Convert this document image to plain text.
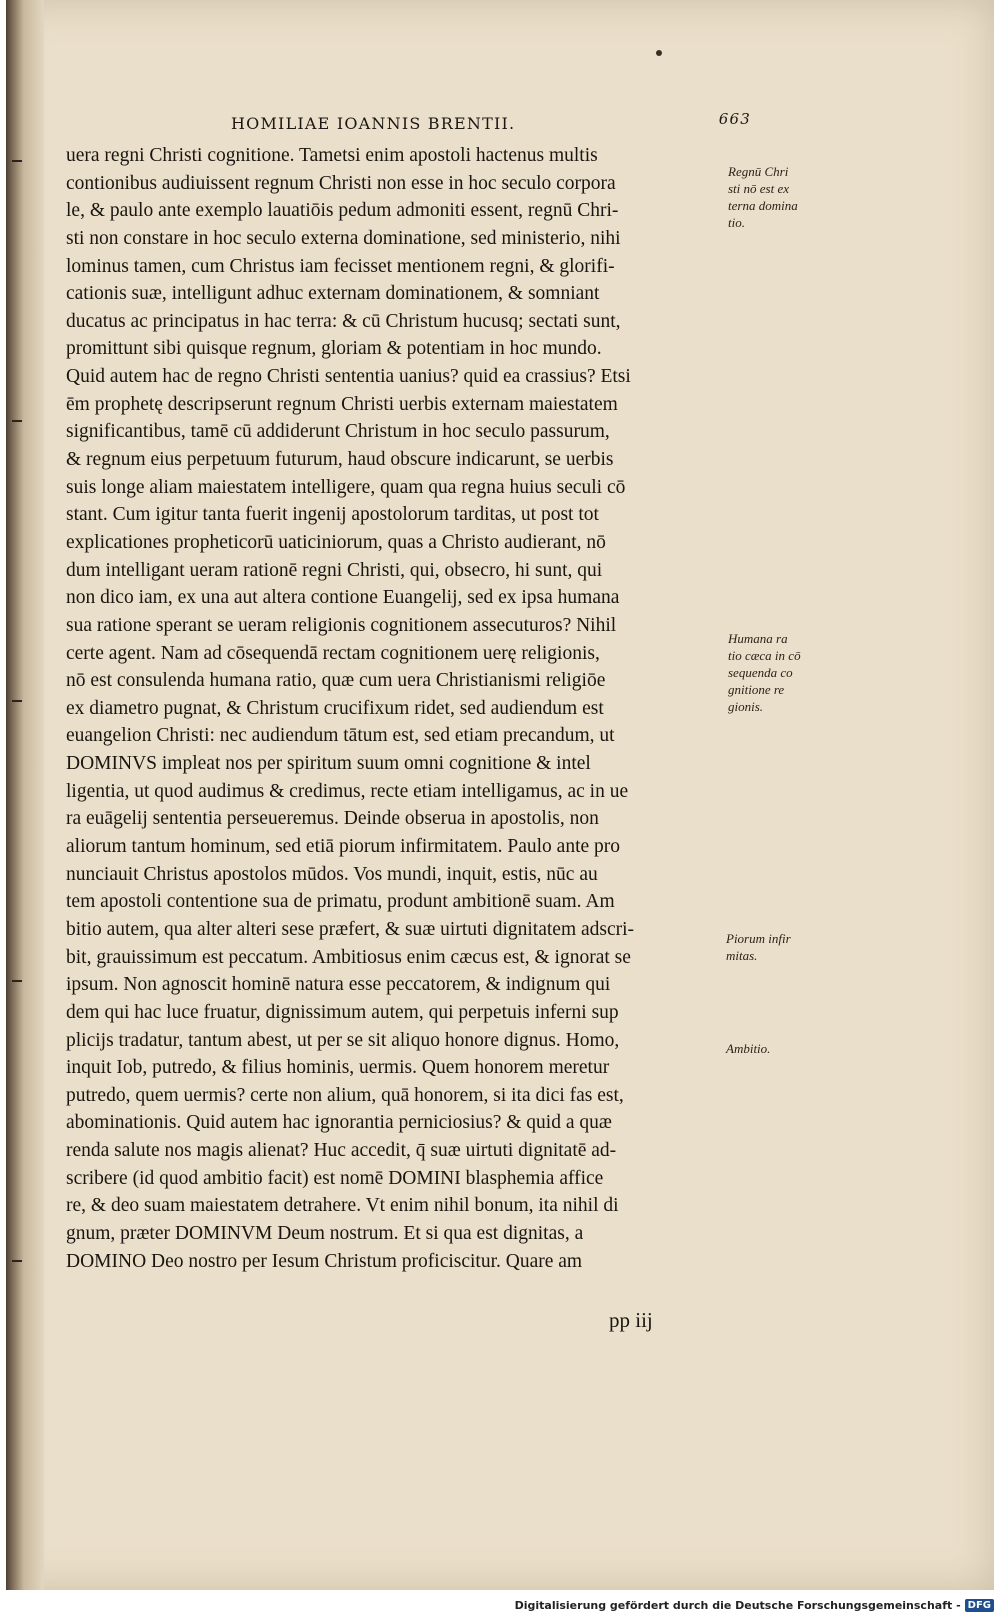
HOMILIAE IOANNIS BRENTII.	663
uera regni Christi cognitione. Tametsi enim apostoli hactenus multis
contionibus audiuissent regnum Christi non esse in hoc seculo corpora
le, & paulo ante exemplo lauatiōis pedum admoniti essent, regnū Chri-
sti non constare in hoc seculo externa dominatione, sed ministerio, nihi
lominus tamen, cum Christus iam fecisset mentionem regni, & glorifi-
cationis suæ, intelligunt adhuc externam dominationem, & somniant
ducatus ac principatus in hac terra: & cū Christum hucusq; sectati sunt,
promittunt sibi quisque regnum, gloriam & potentiam in hoc mundo.
Quid autem hac de regno Christi sententia uanius? quid ea crassius? Etsi
ēm prophetę descripserunt regnum Christi uerbis externam maiestatem
significantibus, tamē cū addiderunt Christum in hoc seculo passurum,
& regnum eius perpetuum futurum, haud obscure indicarunt, se uerbis
suis longe aliam maiestatem intelligere, quam qua regna huius seculi cō
stant. Cum igitur tanta fuerit ingenij apostolorum tarditas, ut post tot
explicationes propheticorū uaticiniorum, quas a Christo audierant, nō
dum intelligant ueram rationē regni Christi, qui, obsecro, hi sunt, qui
non dico iam, ex una aut altera contione Euangelij, sed ex ipsa humana
sua ratione sperant se ueram religionis cognitionem assecuturos? Nihil
certe agent. Nam ad cōsequendā rectam cognitionem uerę religionis,
nō est consulenda humana ratio, quæ cum uera Christianismi religiōe
ex diametro pugnat, & Christum crucifixum ridet, sed audiendum est
euangelion Christi: nec audiendum tātum est, sed etiam precandum, ut
DOMINVS impleat nos per spiritum suum omni cognitione & intel
ligentia, ut quod audimus & credimus, recte etiam intelligamus, ac in ue
ra euāgelij sententia perseueremus. Deinde obserua in apostolis, non
aliorum tantum hominum, sed etiā piorum infirmitatem. Paulo ante pro
nunciauit Christus apostolos mūdos. Vos mundi, inquit, estis, nūc au
tem apostoli contentione sua de primatu, produnt ambitionē suam. Am
bitio autem, qua alter alteri sese præfert, & suæ uirtuti dignitatem adscri-
bit, grauissimum est peccatum. Ambitiosus enim cæcus est, & ignorat se
ipsum. Non agnoscit hominē natura esse peccatorem, & indignum qui
dem qui hac luce fruatur, dignissimum autem, qui perpetuis inferni sup
plicijs tradatur, tantum abest, ut per se sit aliquo honore dignus. Homo,
inquit Iob, putredo, & filius hominis, uermis. Quem honorem meretur
putredo, quem uermis? certe non alium, quā honorem, si ita dici fas est,
abominationis. Quid autem hac ignorantia perniciosius? & quid a quæ
renda salute nos magis alienat? Huc accedit, q̄ suæ uirtuti dignitatē ad-
scribere (id quod ambitio facit) est nomē DOMINI blasphemia affice
re, & deo suam maiestatem detrahere. Vt enim nihil bonum, ita nihil di
gnum, præter DOMINVM Deum nostrum. Et si qua est dignitas, a
DOMINO Deo nostro per Iesum Christum proficiscitur. Quare am
Regnū Chri
sti nō est ex
terna domina
tio.
Humana ra
tio cæca in cō
sequenda co
gnitione re
gionis.
Piorum infir
mitas.
Ambitio.
pp iij
Digitalisierung gefördert durch die Deutsche Forschungsgemeinschaft - DFG
